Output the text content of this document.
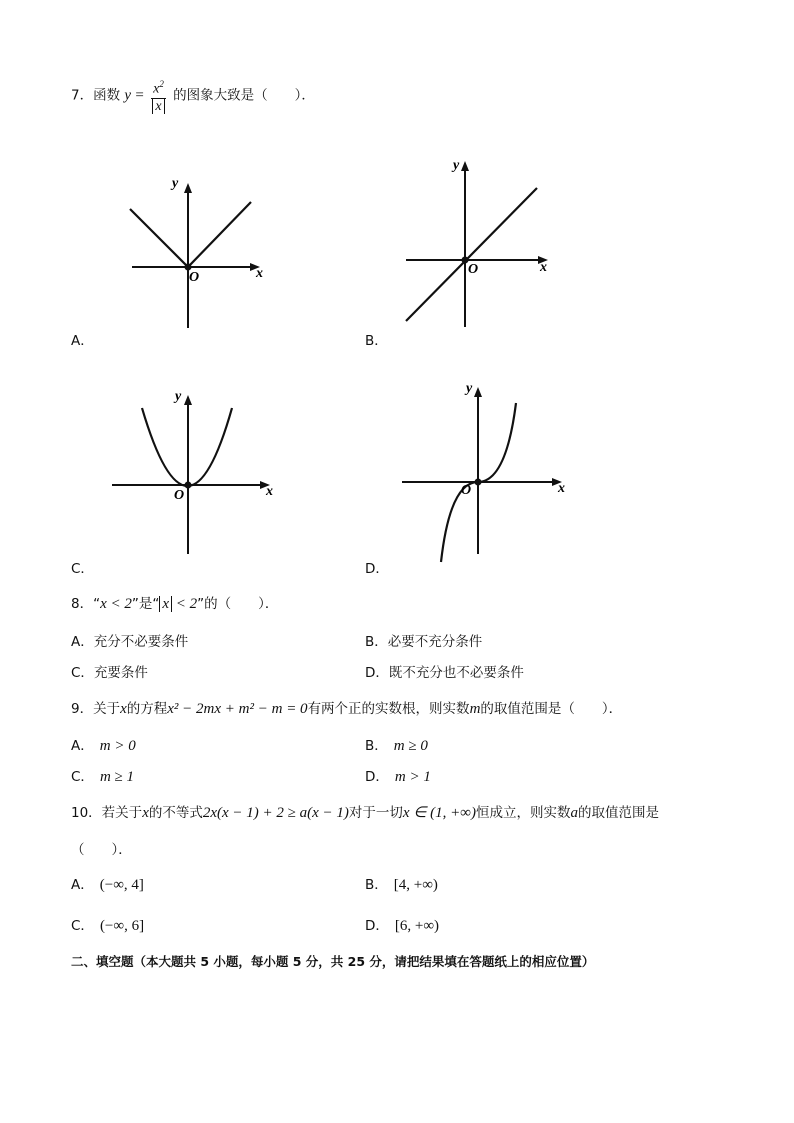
7．函数 $y = \frac{x^2}{x}$ 的图象大致是（　　）．
y
x
O
A．
y
x
O
B．
y
x
O
C．
y
x
O
D．
8．“x < 2”是“ x < 2”的（　　）．
A．充分不必要条件	B．必要不充分条件
C．充要条件	D．既不充分也不必要条件
9．关于x的方程x² − 2mx + m² − m = 0有两个正的实数根，则实数m的取值范围是（　　）．
A． m > 0	B． m ≥ 0
C． m ≥ 1	D． m > 1
10．若关于x的不等式2x(x − 1) + 2 ≥ a(x − 1)对于一切x ∈ (1, +∞)恒成立，则实数a的取值范围是
（　　）．
A． (−∞, 4]	B． [4, +∞)
C． (−∞, 6]	D． [6, +∞)
二、填空题（本大题共 5 小题，每小题 5 分，共 25 分，请把结果填在答题纸上的相应位置）
